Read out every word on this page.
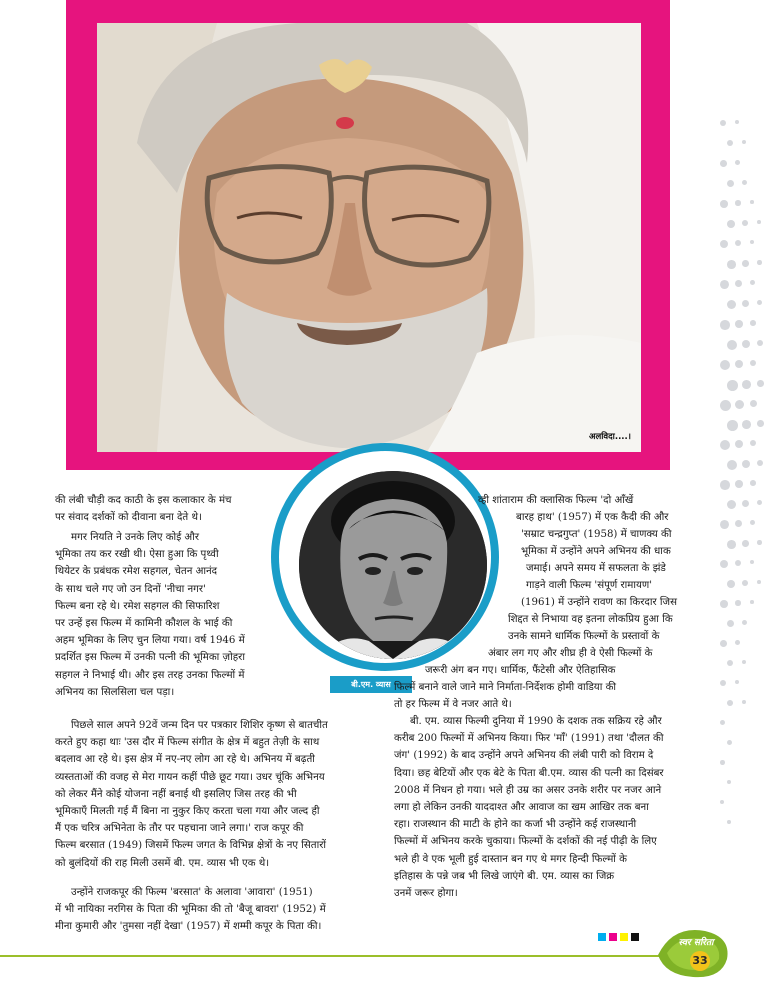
अलविदा....।
बी.एम. व्यास
की लंबी चौड़ी कद काठी के इस कलाकार के मंच
पर संवाद दर्शकों को दीवाना बना देते थे।
मगर नियति ने उनके लिए कोई और
भूमिका तय कर रखी थी। ऐसा हुआ कि पृथ्वी
थियेटर के प्रबंधक रमेश सहगल, चेतन आनंद
के साथ चले गए जो उन दिनों 'नीचा नगर'
फिल्म बना रहे थे। रमेश सहगल की सिफारिश
पर उन्हें इस फिल्म में कामिनी कौशल के भाई की
अहम भूमिका के लिए चुन लिया गया। वर्ष 1946 में
प्रदर्शित इस फिल्म में उनकी पत्नी की भूमिका ज़ोहरा
सहगल ने निभाई थी। और इस तरह उनका फिल्मों में
अभिनय का सिलसिला चल पड़ा।
पिछले साल अपने 92वें जन्म दिन पर पत्रकार शिशिर कृष्ण से बातचीत
करते हुए कहा थाः 'उस दौर में फिल्म संगीत के क्षेत्र में बहुत तेज़ी के साथ
बदलाव आ रहे थे। इस क्षेत्र में नए-नए लोग आ रहे थे। अभिनय में बढ़ती
व्यस्तताओं की वजह से मेरा गायन कहीं पीछे छूट गया। उधर चूंकि अभिनय
को लेकर मैंने कोई योजना नहीं बनाई थी इसलिए जिस तरह की भी
भूमिकाएँ मिलती गई मैं बिना ना नुकुर किए करता चला गया और जल्द ही
मैं एक चरित्र अभिनेता के तौर पर पहचाना जाने लगा।' राज कपूर की
फिल्म बरसात (1949) जिसमें फिल्म जगत के विभिन्न क्षेत्रों के नए सितारों
को बुलंदियों की राह मिली उसमें बी. एम. व्यास भी एक थे।
उन्होंने राजकपूर की फिल्म 'बरसात' के अलावा 'आवारा' (1951)
में भी नायिका नरगिस के पिता की भूमिका की तो 'बैजू बावरा' (1952) में
मीना कुमारी और 'तुमसा नहीं देखा' (1957) में शम्मी कपूर के पिता की।
व्ही शांताराम की क्लासिक फिल्म 'दो आँखें
बारह हाथ' (1957) में एक कैदी की और
'सम्राट चन्द्रगुप्त' (1958) में चाणक्य की
भूमिका में उन्होंने अपने अभिनय की धाक
जमाई। अपने समय में सफलता के झंडे
गाड़ने वाली फिल्म 'संपूर्ण रामायण'
(1961) में उन्होंने रावण का किरदार जिस
शिद्दत से निभाया वह इतना लोकप्रिय हुआ कि
उनके सामने धार्मिक फिल्मों के प्रस्तावों के
अंबार लग गए और शीघ्र ही वे ऐसी फिल्मों के
जरूरी अंग बन गए। धार्मिक, फैंटेसी और ऐतिहासिक
फिल्में बनाने वाले जाने माने निर्माता-निर्देशक होमी वाडिया की
तो हर फिल्म में वे नजर आते थे।
बी. एम. व्यास फिल्मी दुनिया में 1990 के दशक तक सक्रिय रहे और
करीब 200 फिल्मों में अभिनय किया। फिर 'माँ' (1991) तथा 'दौलत की
जंग' (1992) के बाद उन्होंने अपने अभिनय की लंबी पारी को विराम दे
दिया। छह बेटियों और एक बेटे के पिता बी.एम. व्यास की पत्नी का दिसंबर
2008 में निधन हो गया। भले ही उम्र का असर उनके शरीर पर नजर आने
लगा हो लेकिन उनकी याददाश्त और आवाज का खम आखिर तक बना
रहा। राजस्थान की माटी के होने का कर्जा भी उन्होंने कई राजस्थानी
फिल्मों में अभिनय करके चुकाया। फिल्मों के दर्शकों की नई पीढ़ी के लिए
भले ही वे एक भूली हुई दास्तान बन गए थे मगर हिन्दी फिल्मों के
इतिहास के पन्ने जब भी लिखे जाएंगे बी. एम. व्यास का जिक्र
उनमें जरूर होगा।
स्वर सरिता
33
